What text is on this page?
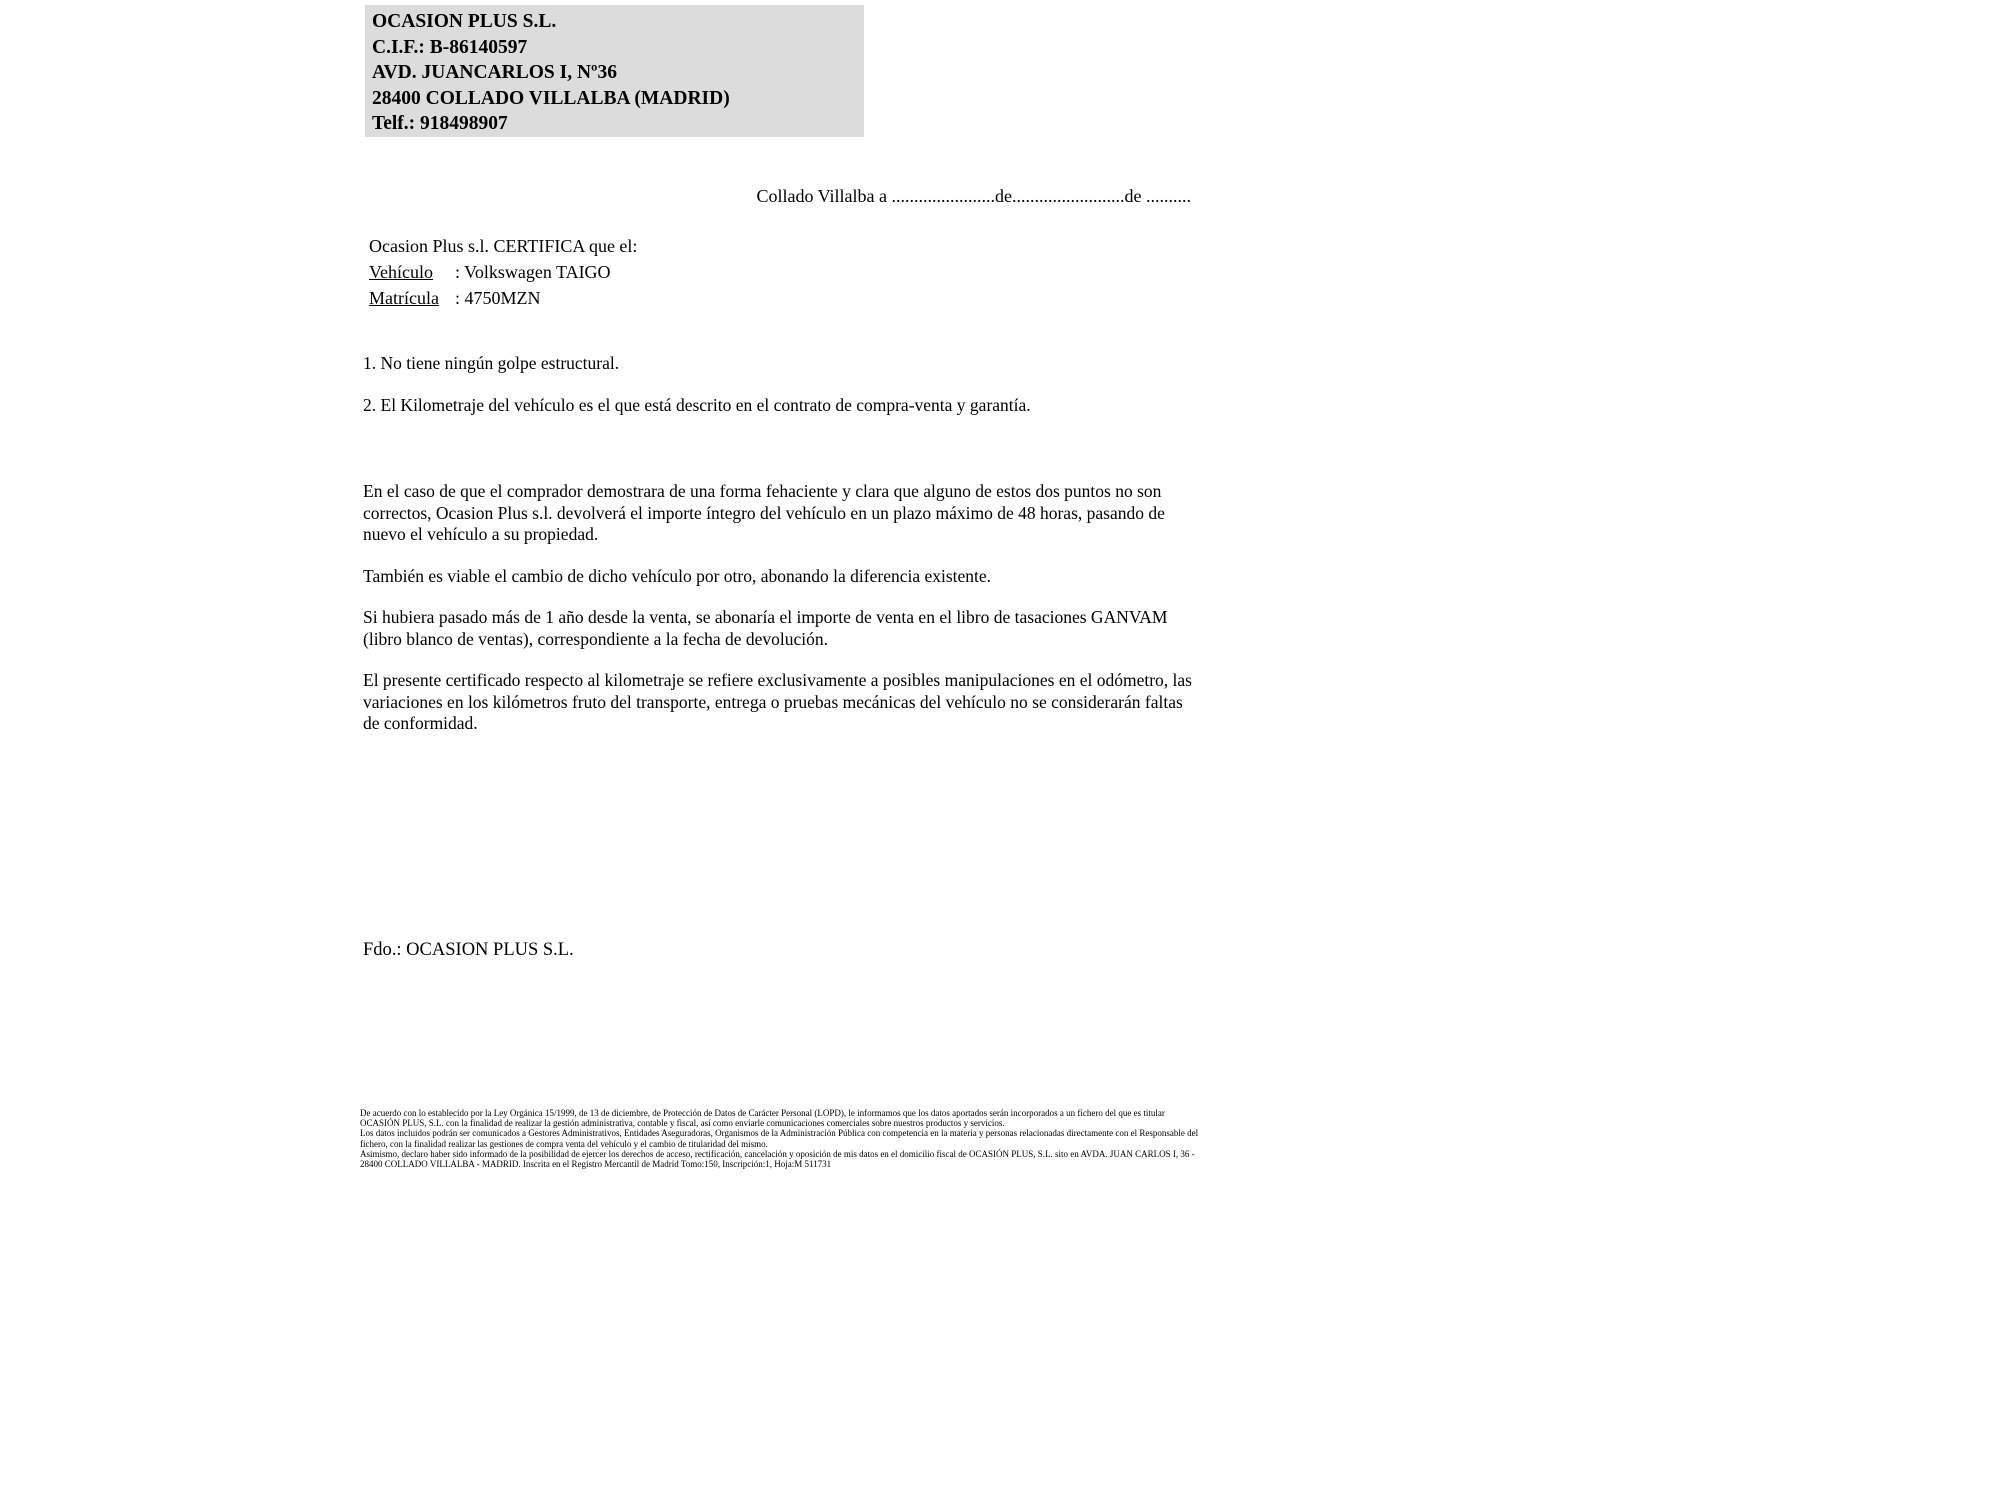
OCASION PLUS S.L.
C.I.F.: B-86140597
AVD. JUANCARLOS I, Nº36
28400 COLLADO VILLALBA (MADRID)
Telf.: 918498907
Collado Villalba a .......................de.........................de ..........
Ocasion Plus s.l. CERTIFICA que el:
Vehículo : Volkswagen TAIGO
Matrícula : 4750MZN

1. No tiene ningún golpe estructural.

2. El Kilometraje del vehículo es el que está descrito en el contrato de compra-venta y garantía.

En el caso de que el comprador demostrara de una forma fehaciente y clara que alguno de estos dos puntos no son correctos, Ocasion Plus s.l. devolverá el importe íntegro del vehículo en un plazo máximo de 48 horas, pasando de nuevo el vehículo a su propiedad.

También es viable el cambio de dicho vehículo por otro, abonando la diferencia existente.

Si hubiera pasado más de 1 año desde la venta, se abonaría el importe de venta en el libro de tasaciones GANVAM (libro blanco de ventas), correspondiente a la fecha de devolución.

El presente certificado respecto al kilometraje se refiere exclusivamente a posibles manipulaciones en el odómetro, las variaciones en los kilómetros fruto del transporte, entrega o pruebas mecánicas del vehículo no se considerarán faltas de conformidad.

Fdo.: OCASION PLUS S.L.

De acuerdo con lo establecido por la Ley Orgánica 15/1999, de 13 de diciembre, de Protección de Datos de Carácter Personal (LOPD), le informamos que los datos aportados serán incorporados a un fichero del que es titular OCASIÓN PLUS, S.L. con la finalidad de realizar la gestión administrativa, contable y fiscal, así como enviarle comunicaciones comerciales sobre nuestros productos y servicios.

Los datos incluidos podrán ser comunicados a Gestores Administrativos, Entidades Aseguradoras, Organismos de la Administración Pública con competencia en la materia y personas relacionadas directamente con el Responsable del fichero, con la finalidad realizar las gestiones de compra venta del vehículo y el cambio de titularidad del mismo.

Asimismo, declaro haber sido informado de la posibilidad de ejercer los derechos de acceso, rectificación, cancelación y oposición de mis datos en el domicilio fiscal de OCASIÓN PLUS, S.L. sito en AVDA. JUAN CARLOS I, 36 - 28400 COLLADO VILLALBA - MADRID. Inscrita en el Registro Mercantil de Madrid Tomo:150, Inscripción:1, Hoja:M 511731
